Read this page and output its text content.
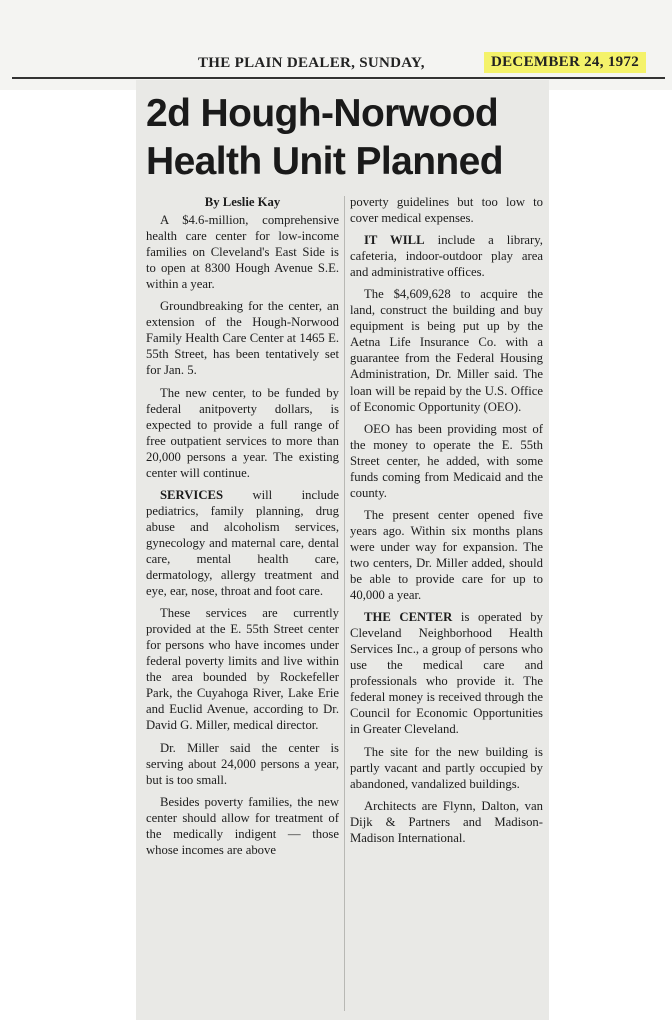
THE PLAIN DEALER, SUNDAY,	DECEMBER 24, 1972
2d Hough-Norwood
Health Unit Planned
By Leslie Kay

A $4.6-million, comprehensive health care center for low-income families on Cleveland's East Side is to open at 8300 Hough Avenue S.E. within a year.

Groundbreaking for the center, an extension of the Hough-Norwood Family Health Care Center at 1465 E. 55th Street, has been tentatively set for Jan. 5.

The new center, to be funded by federal anitpoverty dollars, is expected to provide a full range of free outpatient services to more than 20,000 persons a year. The existing center will continue.

SERVICES will include pediatrics, family planning, drug abuse and alcoholism services, gynecology and maternal care, dental care, mental health care, dermatology, allergy treatment and eye, ear, nose, throat and foot care.

These services are currently provided at the E. 55th Street center for persons who have incomes under federal poverty limits and live within the area bounded by Rockefeller Park, the Cuyahoga River, Lake Erie and Euclid Avenue, according to Dr. David G. Miller, medical director.

Dr. Miller said the center is serving about 24,000 persons a year, but is too small.

Besides poverty families, the new center should allow for treatment of the medically indigent — those whose incomes are above

poverty guidelines but too low to cover medical expenses.

IT WILL include a library, cafeteria, indoor-outdoor play area and administrative offices.

The $4,609,628 to acquire the land, construct the building and buy equipment is being put up by the Aetna Life Insurance Co. with a guarantee from the Federal Housing Administration, Dr. Miller said. The loan will be repaid by the U.S. Office of Economic Opportunity (OEO).

OEO has been providing most of the money to operate the E. 55th Street center, he added, with some funds coming from Medicaid and the county.

The present center opened five years ago. Within six months plans were under way for expansion. The two centers, Dr. Miller added, should be able to provide care for up to 40,000 a year.

THE CENTER is operated by Cleveland Neighborhood Health Services Inc., a group of persons who use the medical care and professionals who provide it. The federal money is received through the Council for Economic Opportunities in Greater Cleveland.

The site for the new building is partly vacant and partly occupied by abandoned, vandalized buildings.

Architects are Flynn, Dalton, van Dijk & Partners and Madison-Madison International.
